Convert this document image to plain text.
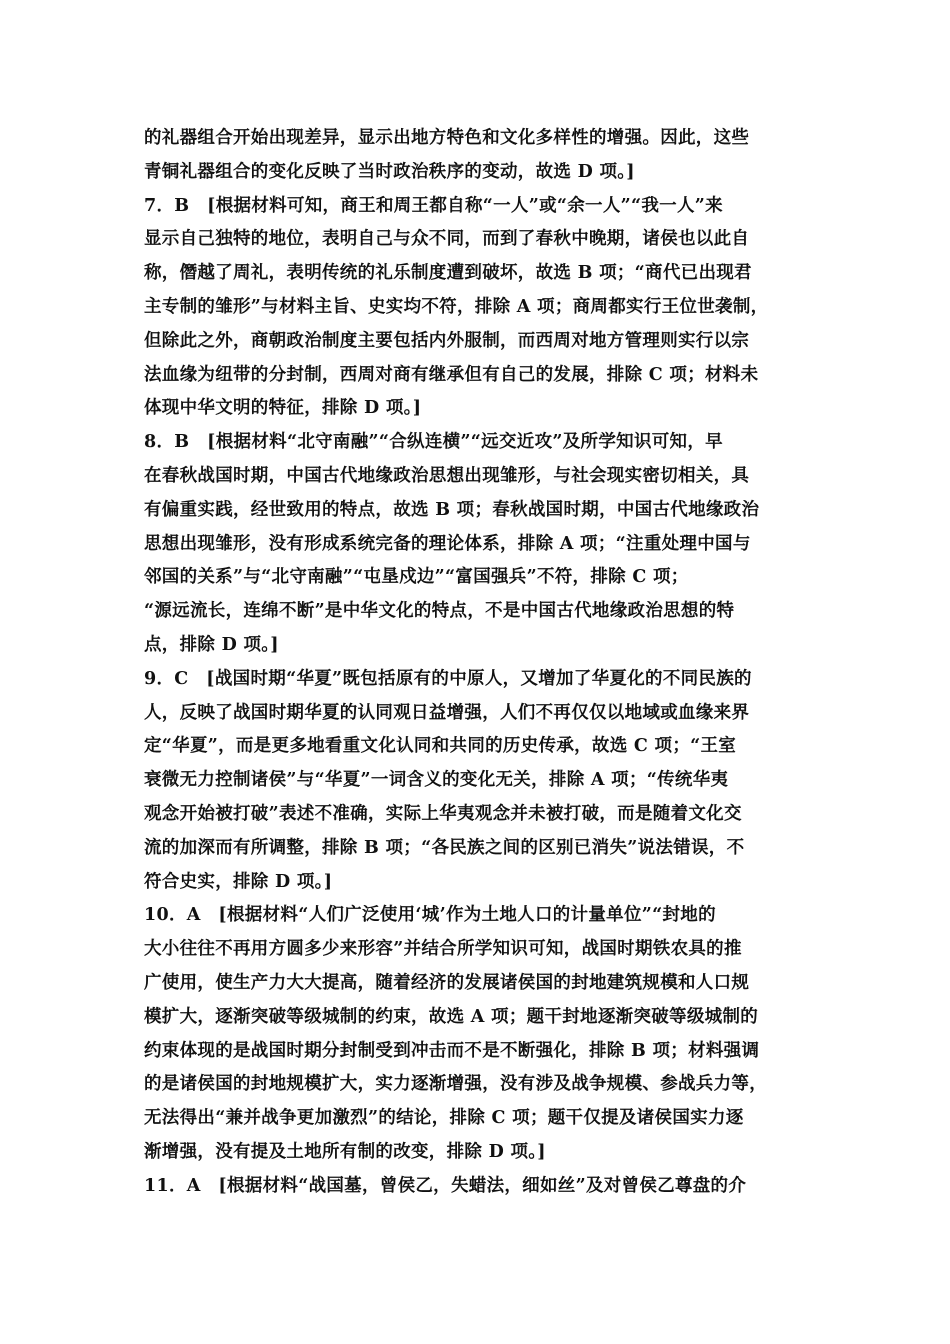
的礼器组合开始出现差异，显示出地方特色和文化多样性的增强。因此，这些
青铜礼器组合的变化反映了当时政治秩序的变动，故选 D 项。]
7．B　[根据材料可知，商王和周王都自称“一人”或“余一人”“我一人”来
显示自己独特的地位，表明自己与众不同，而到了春秋中晚期，诸侯也以此自
称，僭越了周礼，表明传统的礼乐制度遭到破坏，故选 B 项；“商代已出现君
主专制的雏形”与材料主旨、史实均不符，排除 A 项；商周都实行王位世袭制，
但除此之外，商朝政治制度主要包括内外服制，而西周对地方管理则实行以宗
法血缘为纽带的分封制，西周对商有继承但有自己的发展，排除 C 项；材料未
体现中华文明的特征，排除 D 项。]
8．B　[根据材料“北守南融”“合纵连横”“远交近攻”及所学知识可知，早
在春秋战国时期，中国古代地缘政治思想出现雏形，与社会现实密切相关，具
有偏重实践，经世致用的特点，故选 B 项；春秋战国时期，中国古代地缘政治
思想出现雏形，没有形成系统完备的理论体系，排除 A 项；“注重处理中国与
邻国的关系”与“北守南融”“屯垦戍边”“富国强兵”不符，排除 C 项；
“源远流长，连绵不断”是中华文化的特点，不是中国古代地缘政治思想的特
点，排除 D 项。]
9．C　[战国时期“华夏”既包括原有的中原人，又增加了华夏化的不同民族的
人，反映了战国时期华夏的认同观日益增强，人们不再仅仅以地域或血缘来界
定“华夏”，而是更多地看重文化认同和共同的历史传承，故选 C 项；“王室
衰微无力控制诸侯”与“华夏”一词含义的变化无关，排除 A 项；“传统华夷
观念开始被打破”表述不准确，实际上华夷观念并未被打破，而是随着文化交
流的加深而有所调整，排除 B 项；“各民族之间的区别已消失”说法错误，不
符合史实，排除 D 项。]
10．A　[根据材料“人们广泛使用‘城’作为土地人口的计量单位”“封地的
大小往往不再用方圆多少来形容”并结合所学知识可知，战国时期铁农具的推
广使用，使生产力大大提高，随着经济的发展诸侯国的封地建筑规模和人口规
模扩大，逐渐突破等级城制的约束，故选 A 项；题干封地逐渐突破等级城制的
约束体现的是战国时期分封制受到冲击而不是不断强化，排除 B 项；材料强调
的是诸侯国的封地规模扩大，实力逐渐增强，没有涉及战争规模、参战兵力等，
无法得出“兼并战争更加激烈”的结论，排除 C 项；题干仅提及诸侯国实力逐
渐增强，没有提及土地所有制的改变，排除 D 项。]
11．A　[根据材料“战国墓，曾侯乙，失蜡法，细如丝”及对曾侯乙尊盘的介
